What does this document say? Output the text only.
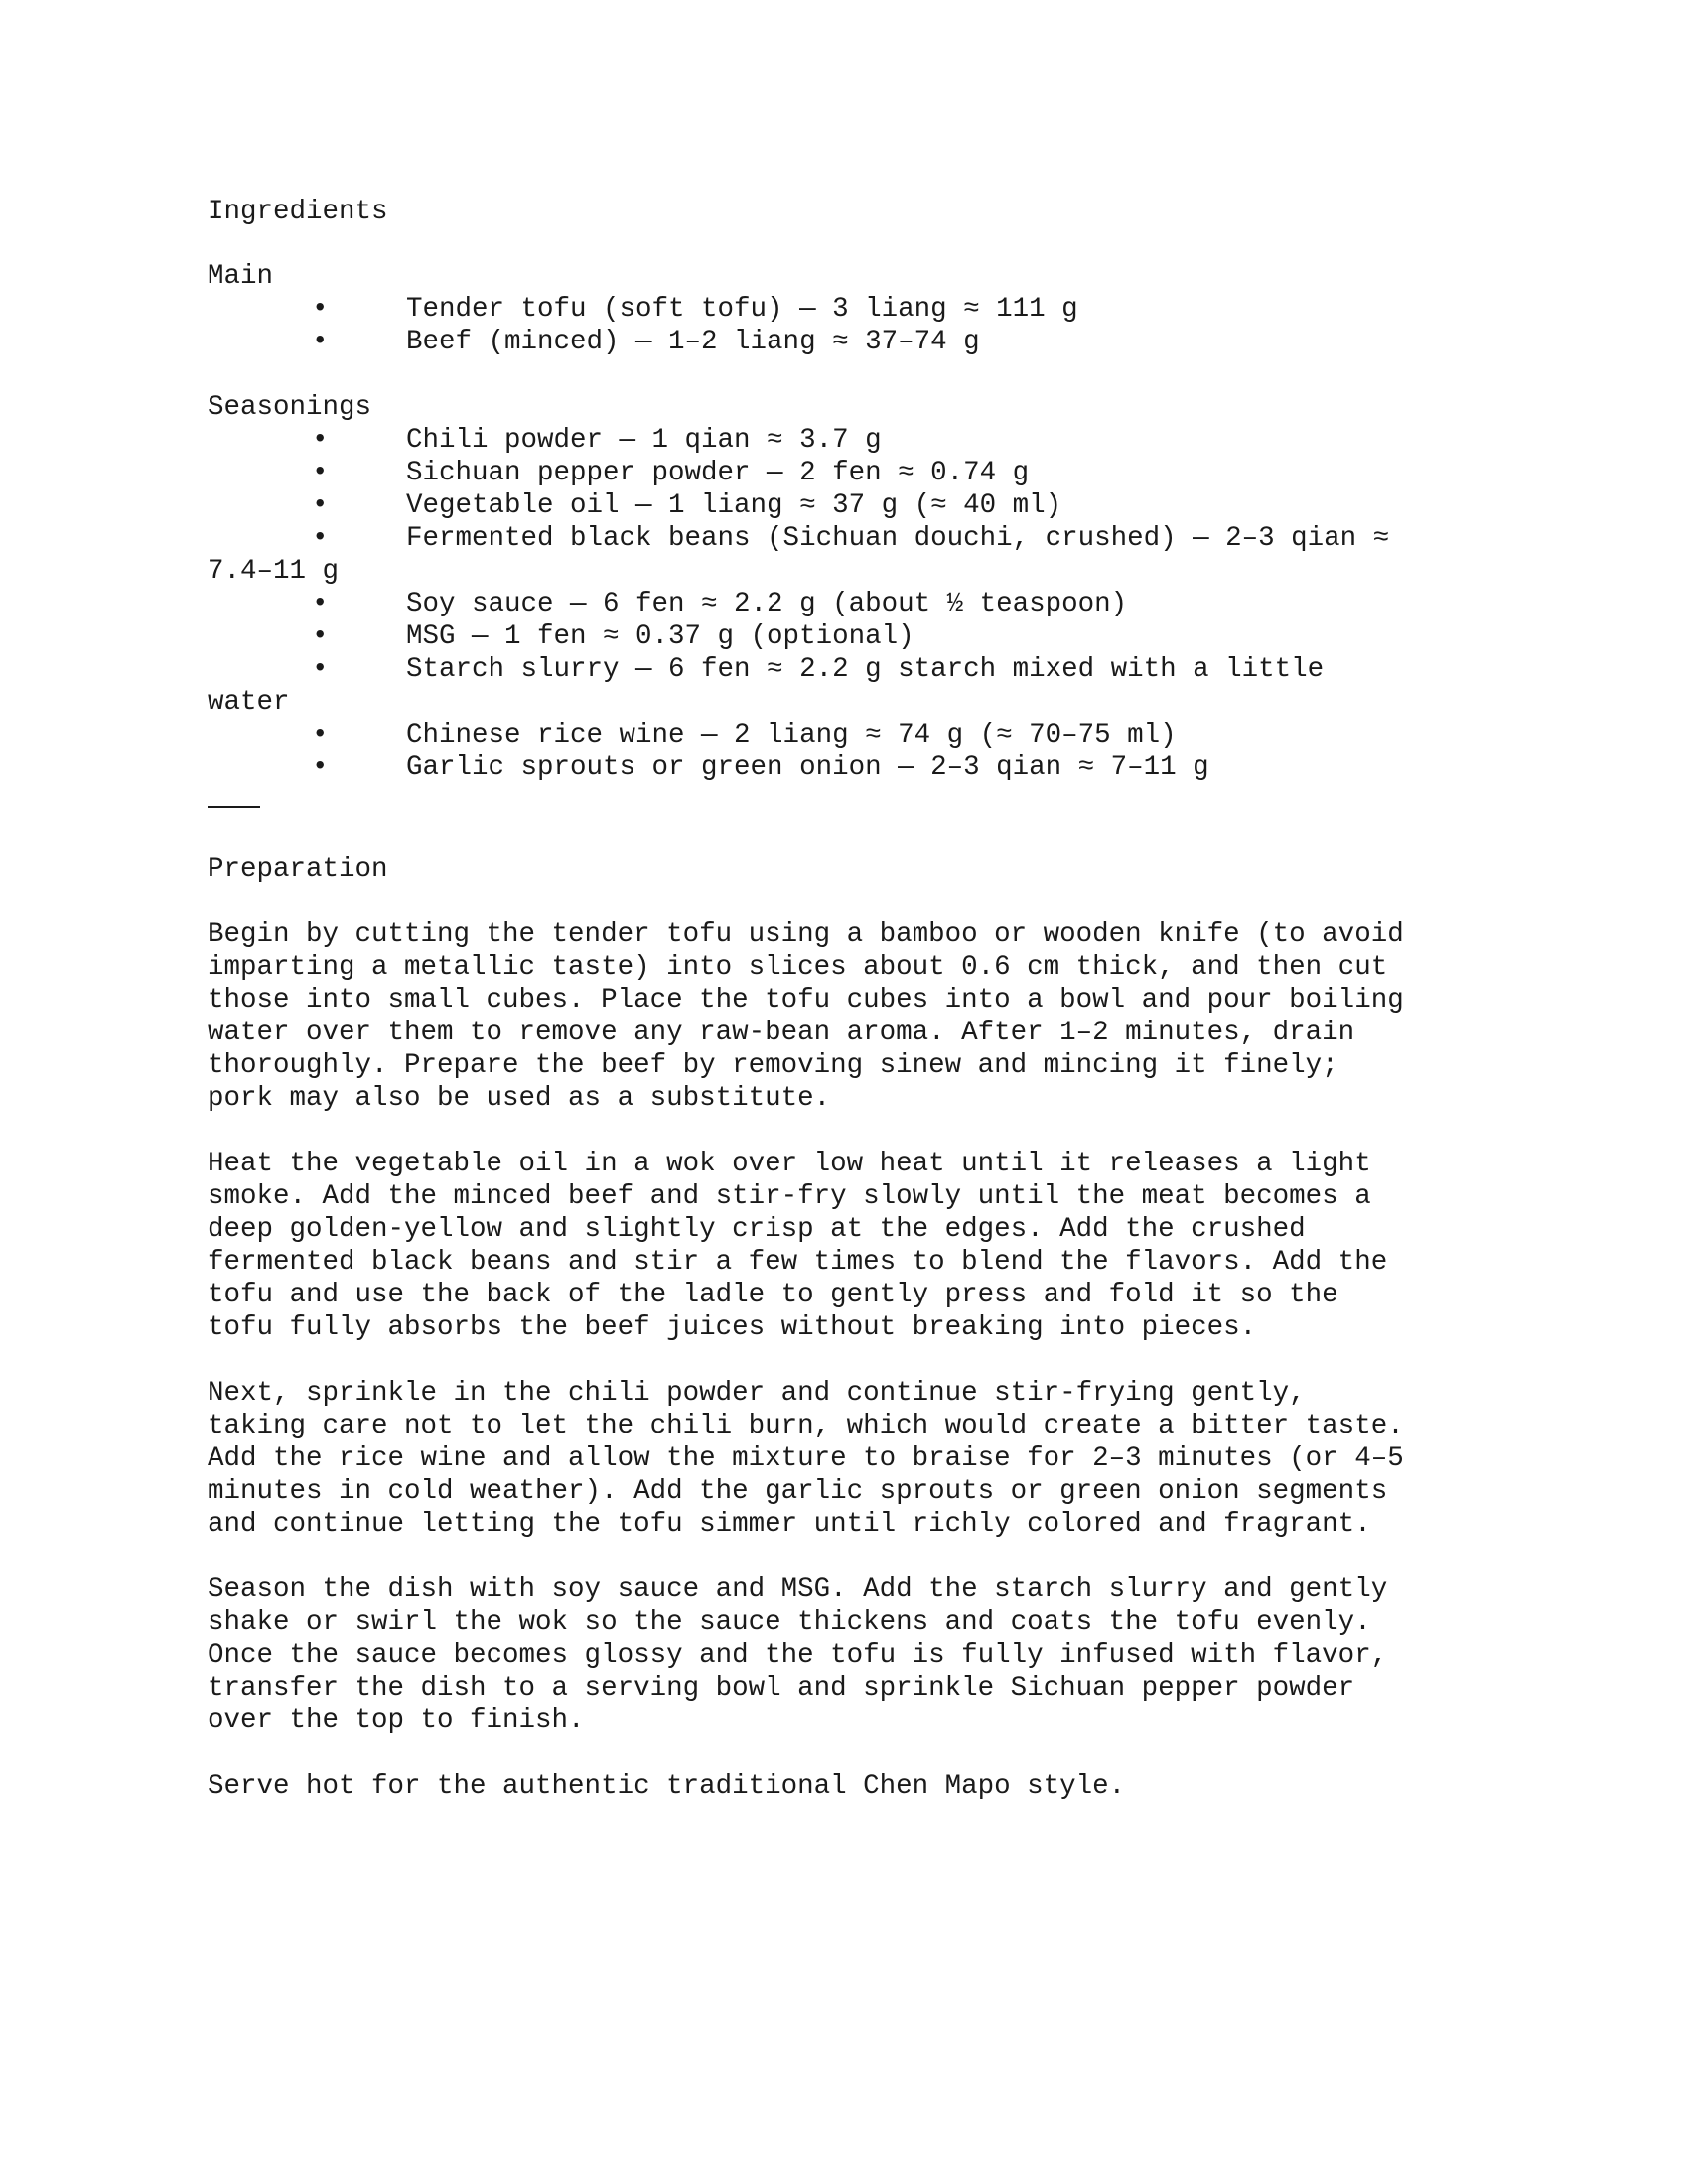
Ingredients
Main

•

	Tender tofu (soft tofu) — 3 liang ≈ 111 g

•

	Beef (minced) — 1–2 liang ≈ 37–74 g

Seasonings

•

	Chili powder — 1 qian ≈ 3.7 g

•

	Sichuan pepper powder — 2 fen ≈ 0.74 g

•

	Vegetable oil — 1 liang ≈ 37 g (≈ 40 ml)

•

	Fermented black beans (Sichuan douchi, crushed) — 2–3 qian ≈

7.4–11 g

•

	Soy sauce — 6 fen ≈ 2.2 g (about ½ teaspoon)

•

	MSG — 1 fen ≈ 0.37 g (optional)

•

	Starch slurry — 6 fen ≈ 2.2 g starch mixed with a little

water

•

	Chinese rice wine — 2 liang ≈ 74 g (≈ 70–75 ml)

•

	Garlic sprouts or green onion — 2–3 qian ≈ 7–11 g

Preparation
Begin by cutting the tender tofu using a bamboo or wooden knife (to avoid
imparting a metallic taste) into slices about 0.6 cm thick, and then cut
those into small cubes. Place the tofu cubes into a bowl and pour boiling
water over them to remove any raw-bean aroma. After 1–2 minutes, drain
thoroughly. Prepare the beef by removing sinew and mincing it finely;
pork may also be used as a substitute.
Heat the vegetable oil in a wok over low heat until it releases a light
smoke. Add the minced beef and stir-fry slowly until the meat becomes a
deep golden-yellow and slightly crisp at the edges. Add the crushed
fermented black beans and stir a few times to blend the flavors. Add the
tofu and use the back of the ladle to gently press and fold it so the
tofu fully absorbs the beef juices without breaking into pieces.
Next, sprinkle in the chili powder and continue stir-frying gently,
taking care not to let the chili burn, which would create a bitter taste.
Add the rice wine and allow the mixture to braise for 2–3 minutes (or 4–5
minutes in cold weather). Add the garlic sprouts or green onion segments
and continue letting the tofu simmer until richly colored and fragrant.
Season the dish with soy sauce and MSG. Add the starch slurry and gently
shake or swirl the wok so the sauce thickens and coats the tofu evenly.
Once the sauce becomes glossy and the tofu is fully infused with flavor,
transfer the dish to a serving bowl and sprinkle Sichuan pepper powder
over the top to finish.
Serve hot for the authentic traditional Chen Mapo style.
